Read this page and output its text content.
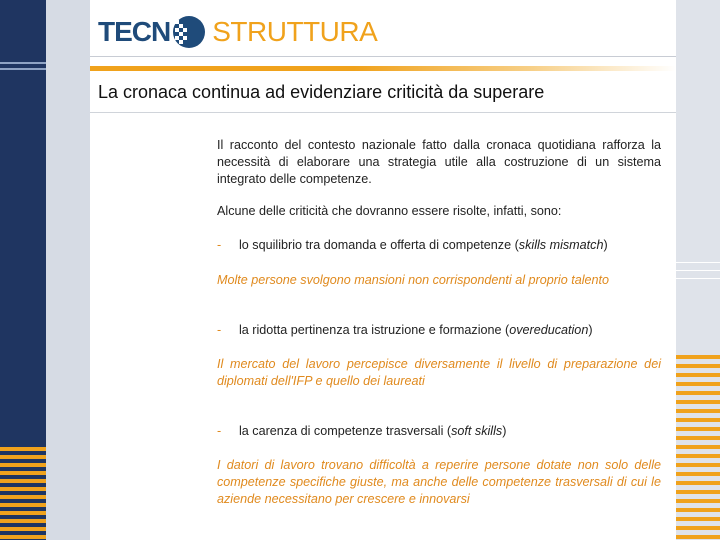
TECN STRUTTURA
La cronaca continua ad evidenziare criticità da superare
Il racconto del contesto nazionale fatto dalla cronaca quotidiana rafforza la necessità di elaborare una strategia utile alla costruzione di un sistema integrato delle competenze.
Alcune delle criticità che dovranno essere risolte, infatti, sono:
- lo squilibrio tra domanda e offerta di competenze (skills mismatch)
Molte persone svolgono mansioni non corrispondenti al proprio talento
- la ridotta pertinenza tra istruzione e formazione (overeducation)
Il mercato del lavoro percepisce diversamente il livello di preparazione dei diplomati dell'IFP e quello dei laureati
- la carenza di competenze trasversali (soft skills)
I datori di lavoro trovano difficoltà a reperire persone dotate non solo delle competenze specifiche giuste, ma anche delle competenze trasversali di cui le aziende necessitano per crescere e innovarsi
